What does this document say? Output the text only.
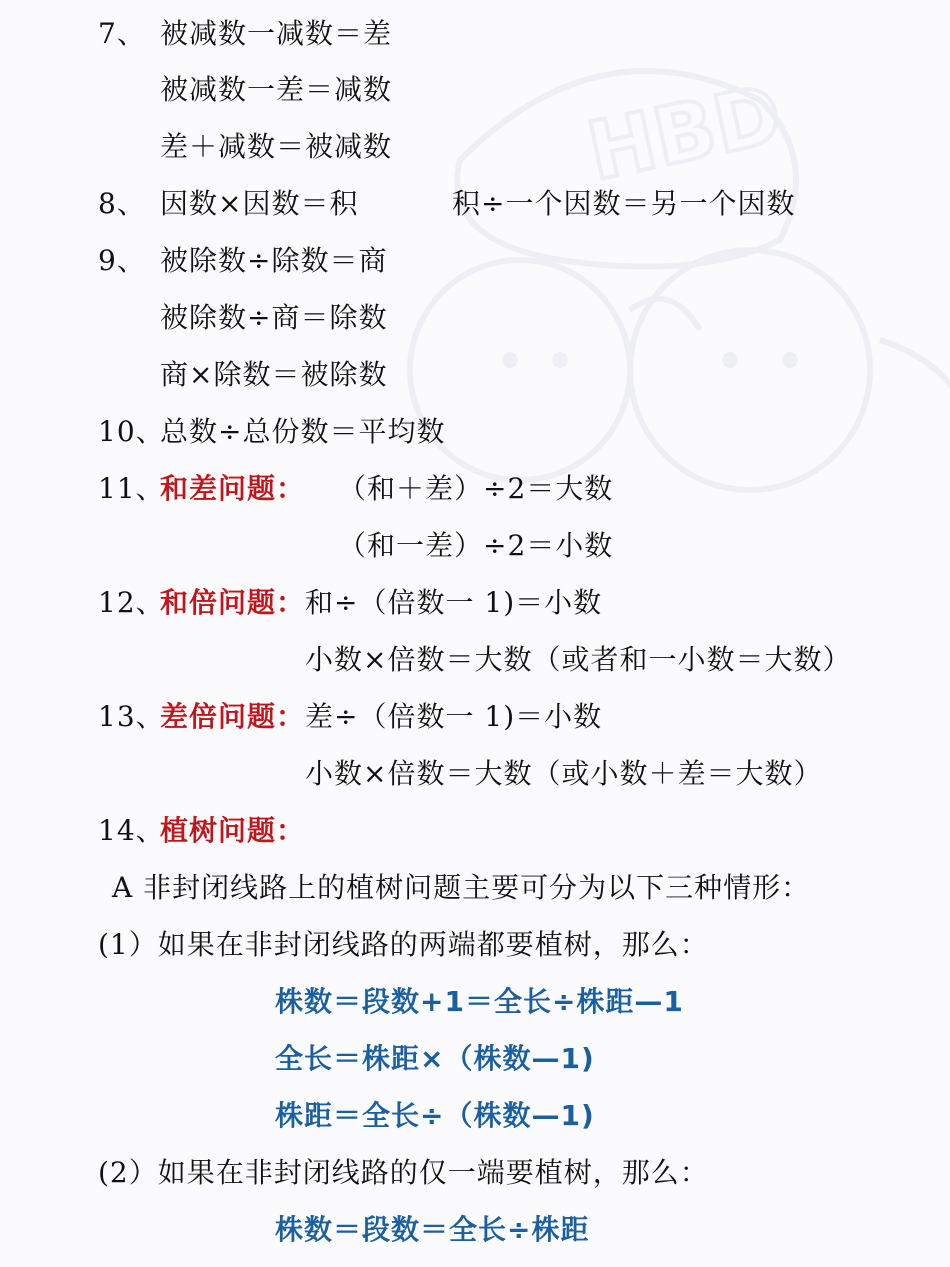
HBD
7、 被减数一减数＝差
被减数一差＝减数
差＋减数＝被减数
8、 因数×因数＝积	积÷一个因数＝另一个因数
9、 被除数÷除数＝商
被除数÷商＝除数
商×除数＝被除数
10、总数÷总份数＝平均数
11、和差问题： （和＋差）÷2＝大数
（和一差）÷2＝小数
12、和倍问题：和÷（倍数一 1)＝小数
小数×倍数＝大数（或者和一小数＝大数）
13、差倍问题：差÷（倍数一 1)＝小数
小数×倍数＝大数（或小数＋差＝大数）
14、植树问题：
A 非封闭线路上的植树问题主要可分为以下三种情形：
(1）如果在非封闭线路的两端都要植树，那么：
株数＝段数+1＝全长÷株距—1
全长＝株距×（株数—1)
株距＝全长÷（株数—1)
(2）如果在非封闭线路的仅一端要植树，那么：
株数＝段数＝全长÷株距
